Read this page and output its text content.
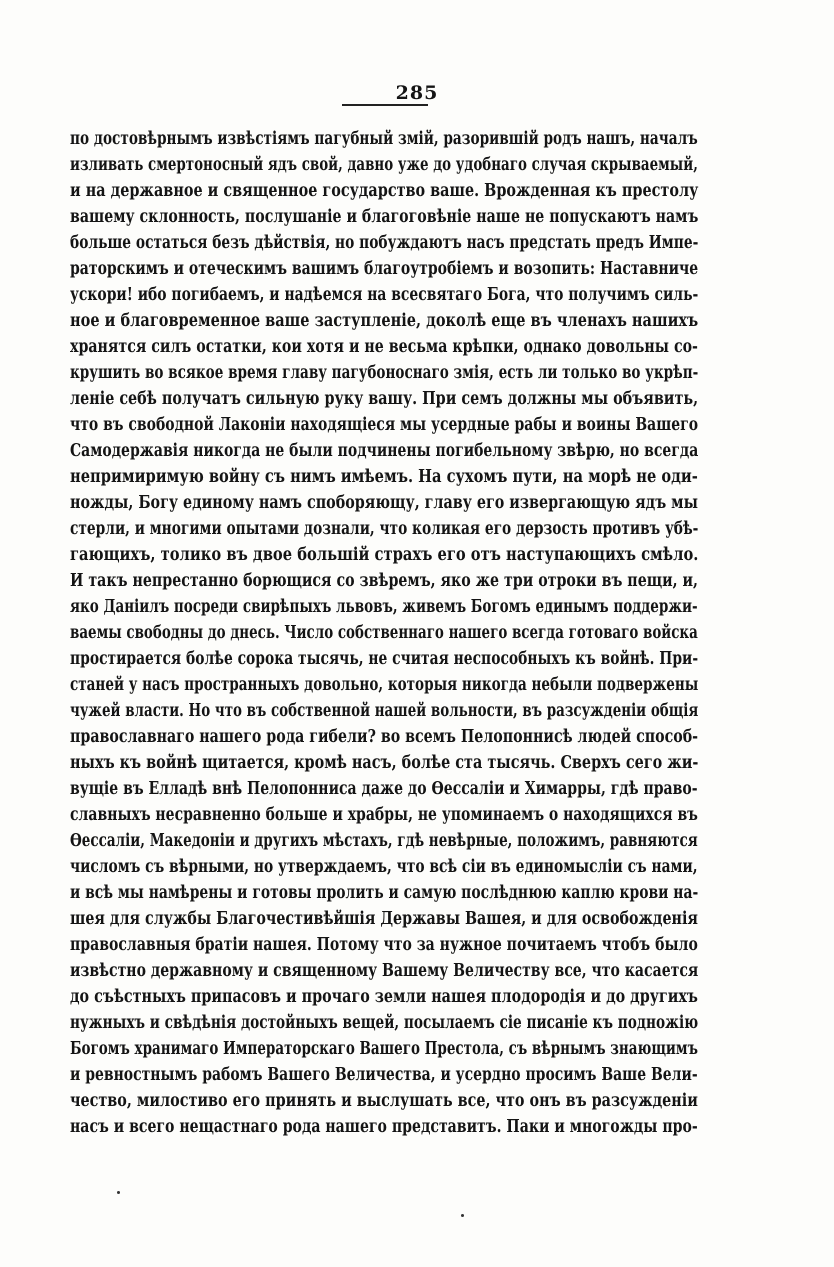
285
по достовѣрнымъ извѣстіямъ пагубный змій, разорившій родъ нашъ, началъ
изливать смертоносный ядъ свой, давно уже до удобнаго случая скрываемый,
и на державное и священное государство ваше. Врожденная къ престолу
вашему склонность, послушаніе и благоговѣніе наше не попускаютъ намъ
больше остаться безъ дѣйствія, но побуждаютъ насъ предстать предъ Импе-
раторскимъ и отеческимъ вашимъ благоутробіемъ и возопить: Наставниче
ускори! ибо погибаемъ, и надѣемся на всесвятаго Бога, что получимъ силь-
ное и благовременное ваше заступленіе, доколѣ еще въ членахъ нашихъ
хранятся силъ остатки, кои хотя и не весьма крѣпки, однако довольны со-
крушить во всякое время главу пагубоноснаго змія, есть ли только во укрѣп-
леніе себѣ получатъ сильную руку вашу. При семъ должны мы объявить,
что въ свободной Лаконіи находящіеся мы усердные рабы и воины Вашего
Самодержавія никогда не были подчинены погибельному звѣрю, но всегда
непримиримую войну съ нимъ имѣемъ. На сухомъ пути, на морѣ не оди-
ножды, Богу единому намъ споборяющу, главу его извергающую ядъ мы
стерли, и многими опытами дознали, что коликая его дерзость противъ убѣ-
гающихъ, толико въ двое большій страхъ его отъ наступающихъ смѣло.
И такъ непрестанно борющися со звѣремъ, яко же три отроки въ пещи, и,
яко Даніилъ посреди свирѣпыхъ львовъ, живемъ Богомъ единымъ поддержи-
ваемы свободны до днесь. Число собственнаго нашего всегда готоваго войска
простирается болѣе сорока тысячь, не считая неспособныхъ къ войнѣ. При-
станей у насъ пространныхъ довольно, которыя никогда небыли подвержены
чужей власти. Но что въ собственной нашей вольности, въ разсужденіи общія
православнаго нашего рода гибели? во всемъ Пелопоннисѣ людей способ-
ныхъ къ войнѣ щитается, кромѣ насъ, болѣе ста тысячь. Сверхъ сего жи-
вущіе въ Елладѣ внѣ Пелопонниса даже до Ѳессаліи и Химарры, гдѣ право-
славныхъ несравненно больше и храбры, не упоминаемъ о находящихся въ
Ѳессаліи, Македоніи и другихъ мѣстахъ, гдѣ невѣрные, положимъ, равняются
числомъ съ вѣрными, но утверждаемъ, что всѣ сіи въ единомысліи съ нами,
и всѣ мы намѣрены и готовы пролить и самую послѣднюю каплю крови на-
шея для службы Благочестивѣйшія Державы Вашея, и для освобожденія
православныя братіи нашея. Потому что за нужное почитаемъ чтобъ было
извѣстно державному и священному Вашему Величеству все, что касается
до съѣстныхъ припасовъ и прочаго земли нашея плодородія и до другихъ
нужныхъ и свѣдѣнія достойныхъ вещей, посылаемъ сіе писаніе къ подножію
Богомъ хранимаго Императорскаго Вашего Престола, съ вѣрнымъ знающимъ
и ревностнымъ рабомъ Вашего Величества, и усердно просимъ Ваше Вели-
чество, милостиво его принять и выслушать все, что онъ въ разсужденіи
насъ и всего нещастнаго рода нашего представитъ. Паки и многожды про-
